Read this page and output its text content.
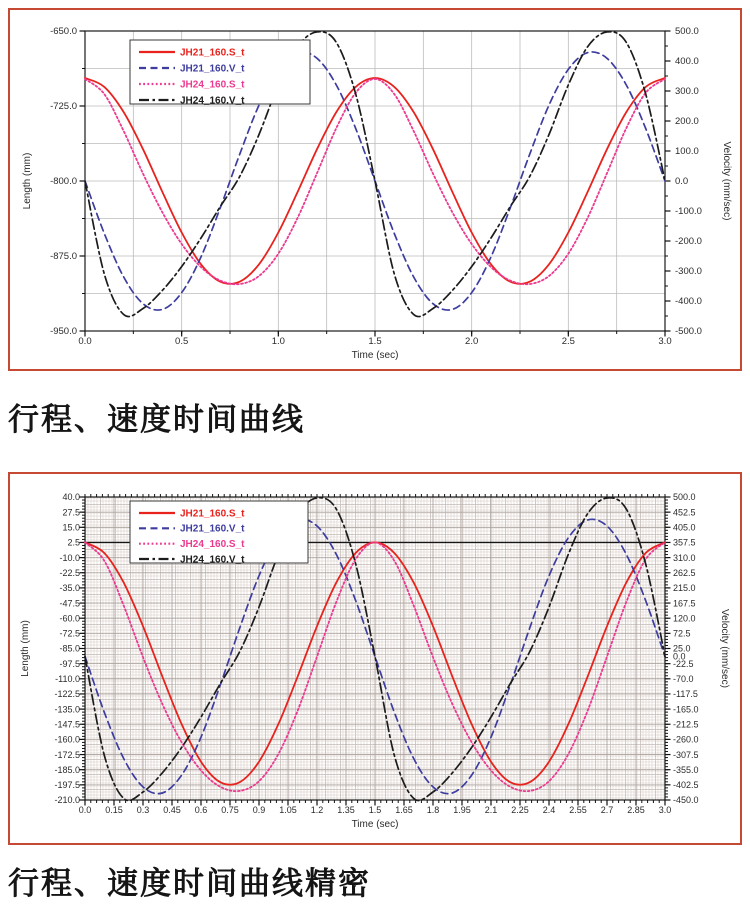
-650.0
-725.0
-800.0
-875.0
-950.0
500.0
400.0
300.0
200.0
100.0
0.0
-100.0
-200.0
-300.0
-400.0
-500.0
0.0	0.5	1.0	1.5	2.0	2.5	3.0
Length (mm)	Velocity (mm/sec)
Time (sec)
JH21_160.S_t
JH21_160.V_t
JH24_160.S_t
JH24_160.V_t
行程、速度时间曲线
40.0
27.5
15.0
2.5
-10.0
-22.5
-35.0
-47.5
-60.0
-72.5
-85.0
-97.5
-110.0
-122.5
-135.0
-147.5
-160.0
-172.5
-185.0
-197.5
-210.0
500.0
452.5
405.0
357.5
310.0
262.5
215.0
167.5
120.0
72.5
25.0
-22.5
-70.0
-117.5
-165.0
-212.5
-260.0
-307.5
-355.0
-402.5
-450.0
0.0
0.0 0.15 0.3 0.45 0.6 0.75 0.9 1.05 1.2 1.35 1.5 1.65 1.8 1.95 2.1 2.25 2.4 2.55 2.7 2.85 3.0
Length (mm)	Velocity (mm/sec)
Time (sec)
JH21_160.S_t
JH21_160.V_t
JH24_160.S_t
JH24_160.V_t
行程、速度时间曲线精密
